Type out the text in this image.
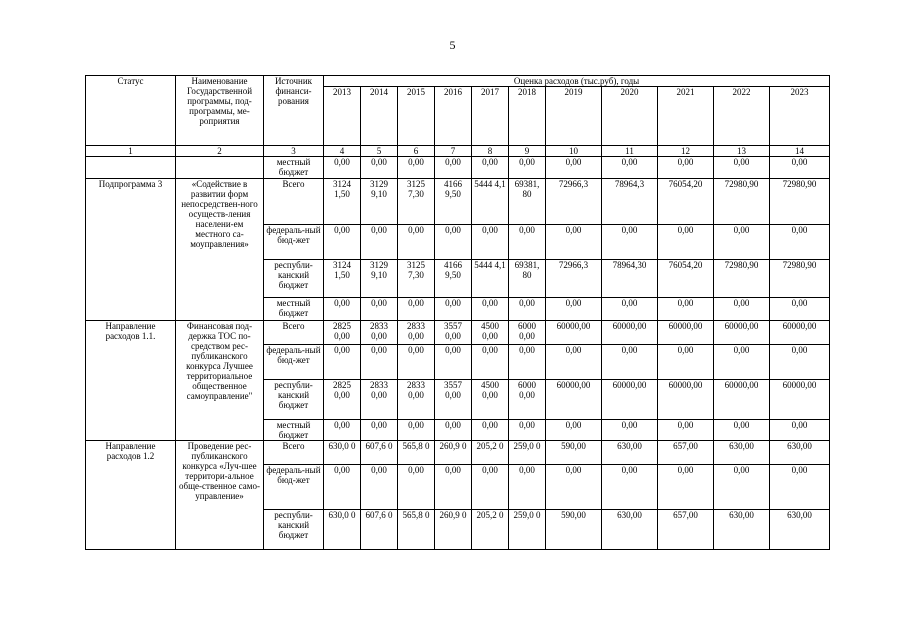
5
Статус	Наименование Государственной программы, под-программы, ме-роприятия	Источник финанси-рования	Оценка расходов (тыс.руб), годы										
			2013	2014	2015	2016	2017	2018	2019	2020	2021	2022	2023
1	2	3	4	5	6	7	8	9	10	11	12	13	14
		местный бюджет	0,00	0,00	0,00	0,00	0,00	0,00	0,00	0,00	0,00	0,00	0,00
Подпрограмма 3	«Содействие в развитии форм непосредствен-ного осуществ-ления населени-ем местного са-моуправления»	Всего	3124 1,50	3129 9,10	3125 7,30	4166 9,50	5444 4,1	69381, 80	72966,3	78964,3	76054,20	72980,90	72980,90
		федераль-ный бюд-жет	0,00	0,00	0,00	0,00	0,00	0,00	0,00	0,00	0,00	0,00	0,00
		республи-канский бюджет	3124 1,50	3129 9,10	3125 7,30	4166 9,50	5444 4,1	69381, 80	72966,3	78964,30	76054,20	72980,90	72980,90
		местный бюджет	0,00	0,00	0,00	0,00	0,00	0,00	0,00	0,00	0,00	0,00	0,00
Направление расходов 1.1.	Финансовая под-держка ТОС по-средством рес-публиканского конкурса Лучшее территориальное общественное самоуправление"	Всего	2825 0,00	2833 0,00	2833 0,00	3557 0,00	4500 0,00	6000 0,00	60000,00	60000,00	60000,00	60000,00	60000,00
		федераль-ный бюд-жет	0,00	0,00	0,00	0,00	0,00	0,00	0,00	0,00	0,00	0,00	0,00
		республи-канский бюджет	2825 0,00	2833 0,00	2833 0,00	3557 0,00	4500 0,00	6000 0,00	60000,00	60000,00	60000,00	60000,00	60000,00
		местный бюджет	0,00	0,00	0,00	0,00	0,00	0,00	0,00	0,00	0,00	0,00	0,00
Направление расходов 1.2	Проведение рес-публиканского конкурса «Луч-шее территори-альное обще-ственное само-управление»	Всего	630,0 0	607,6 0	565,8 0	260,9 0	205,2 0	259,0 0	590,00	630,00	657,00	630,00	630,00
		федераль-ный бюд-жет	0,00	0,00	0,00	0,00	0,00	0,00	0,00	0,00	0,00	0,00	0,00
		республи-канский бюджет	630,0 0	607,6 0	565,8 0	260,9 0	205,2 0	259,0 0	590,00	630,00	657,00	630,00	630,00
